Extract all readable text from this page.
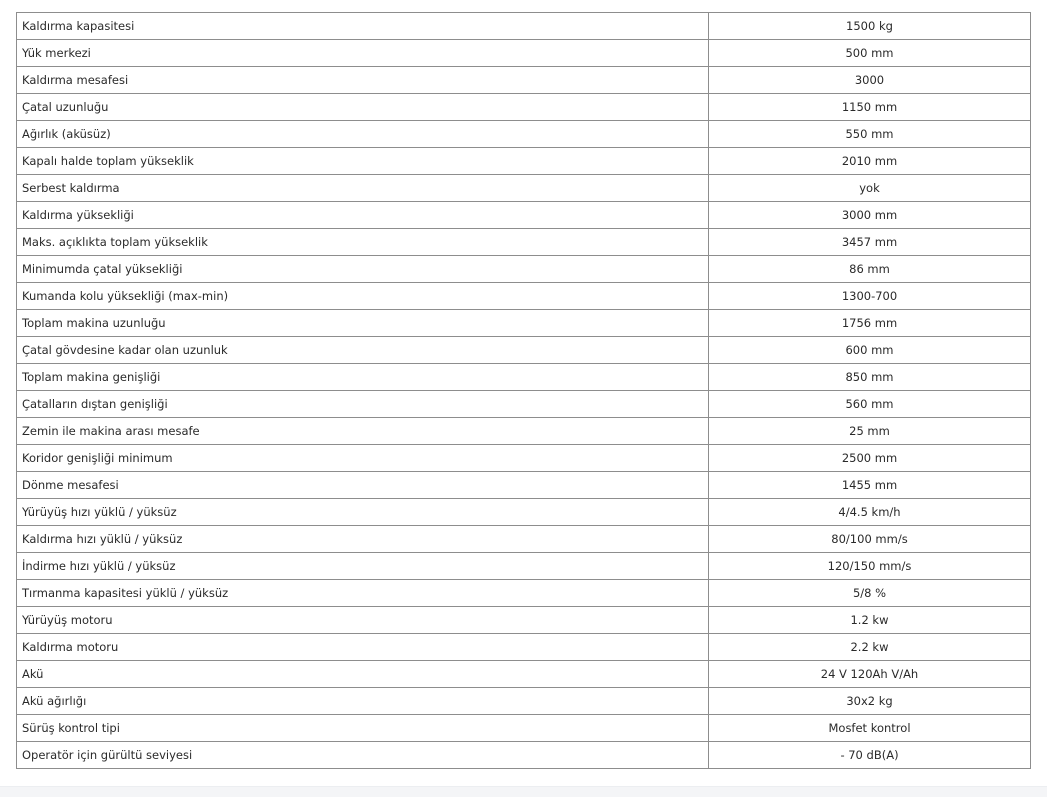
Kaldırma kapasitesi	1500 kg
Yük merkezi	500 mm
Kaldırma mesafesi	3000
Çatal uzunluğu	1150 mm
Ağırlık (aküsüz)	550 mm
Kapalı halde toplam yükseklik	2010 mm
Serbest kaldırma	yok
Kaldırma yüksekliği	3000 mm
Maks. açıklıkta toplam yükseklik	3457 mm
Minimumda çatal yüksekliği	86 mm
Kumanda kolu yüksekliği (max-min)	1300-700
Toplam makina uzunluğu	1756 mm
Çatal gövdesine kadar olan uzunluk	600 mm
Toplam makina genişliği	850 mm
Çatalların dıştan genişliği	560 mm
Zemin ile makina arası mesafe	25 mm
Koridor genişliği minimum	2500 mm
Dönme mesafesi	1455 mm
Yürüyüş hızı yüklü / yüksüz	4/4.5 km/h
Kaldırma hızı yüklü / yüksüz	80/100 mm/s
İndirme hızı yüklü / yüksüz	120/150 mm/s
Tırmanma kapasitesi yüklü / yüksüz	5/8 %
Yürüyüş motoru	1.2 kw
Kaldırma motoru	2.2 kw
Akü	24 V 120Ah V/Ah
Akü ağırlığı	30x2 kg
Sürüş kontrol tipi	Mosfet kontrol
Operatör için gürültü seviyesi	- 70 dB(A)
